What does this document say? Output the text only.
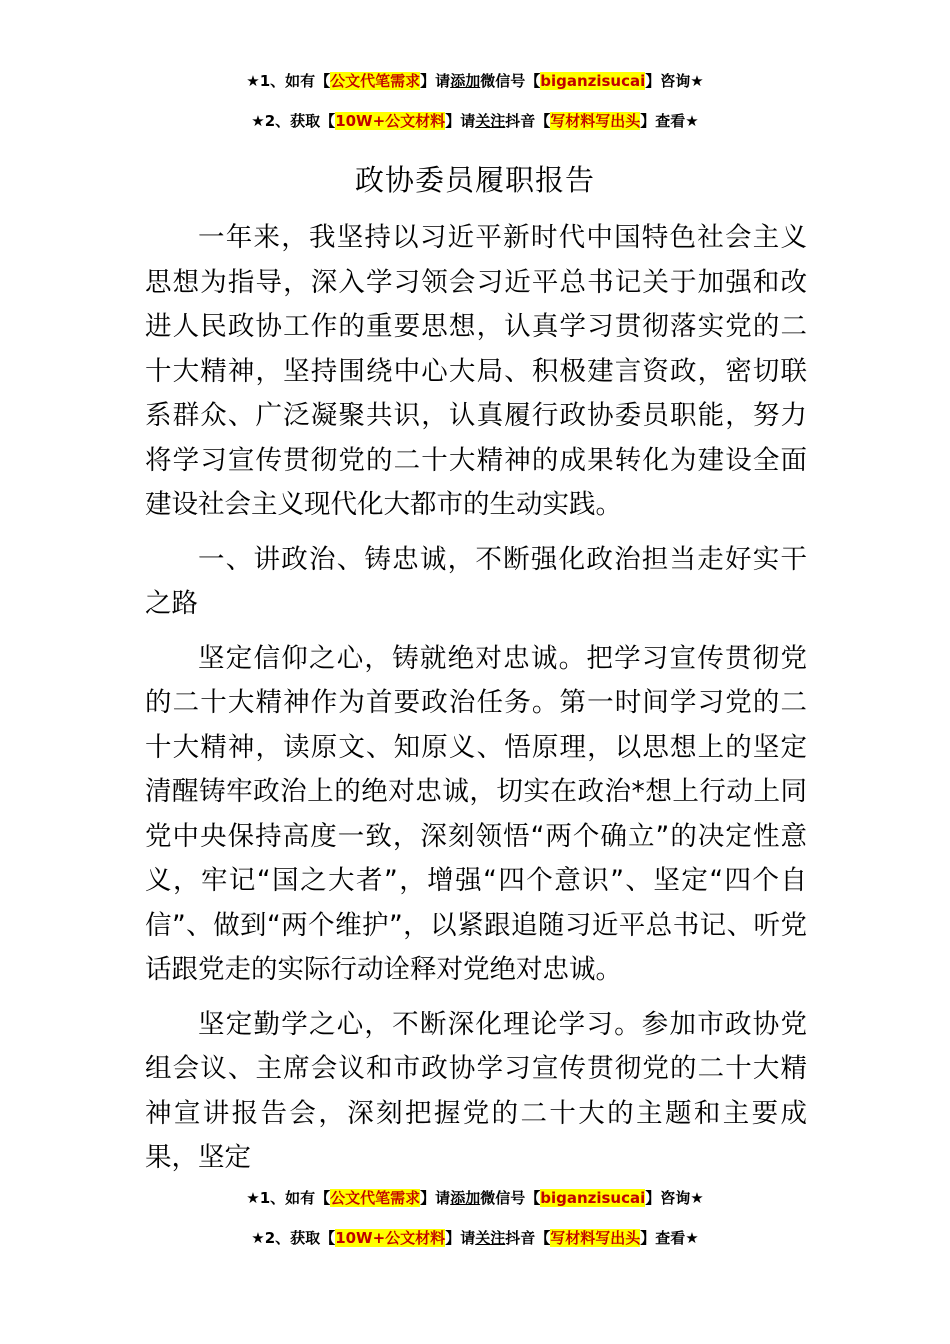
★1、如有【公文代笔需求】请添加微信号【biganzisucai】咨询★
★2、获取【10W+公文材料】请关注抖音【写材料写出头】查看★
政协委员履职报告

一年来，我坚持以习近平新时代中国特色社会主义思想为指导，深入学习领会习近平总书记关于加强和改进人民政协工作的重要思想，认真学习贯彻落实党的二十大精神，坚持围绕中心大局、积极建言资政，密切联系群众、广泛凝聚共识，认真履行政协委员职能，努力将学习宣传贯彻党的二十大精神的成果转化为建设全面建设社会主义现代化大都市的生动实践。

一、讲政治、铸忠诚，不断强化政治担当走好实干之路

坚定信仰之心，铸就绝对忠诚。把学习宣传贯彻党的二十大精神作为首要政治任务。第一时间学习党的二十大精神，读原文、知原义、悟原理，以思想上的坚定清醒铸牢政治上的绝对忠诚，切实在政治*想上行动上同党中央保持高度一致，深刻领悟“两个确立”的决定性意义，牢记“国之大者”，增强“四个意识”、坚定“四个自信”、做到“两个维护”，以紧跟追随习近平总书记、听党话跟党走的实际行动诠释对党绝对忠诚。

坚定勤学之心，不断深化理论学习。参加市政协党组会议、主席会议和市政协学习宣传贯彻党的二十大精神宣讲报告会，深刻把握党的二十大的主题和主要成果，坚定

★1、如有【公文代笔需求】请添加微信号【biganzisucai】咨询★
★2、获取【10W+公文材料】请关注抖音【写材料写出头】查看★
